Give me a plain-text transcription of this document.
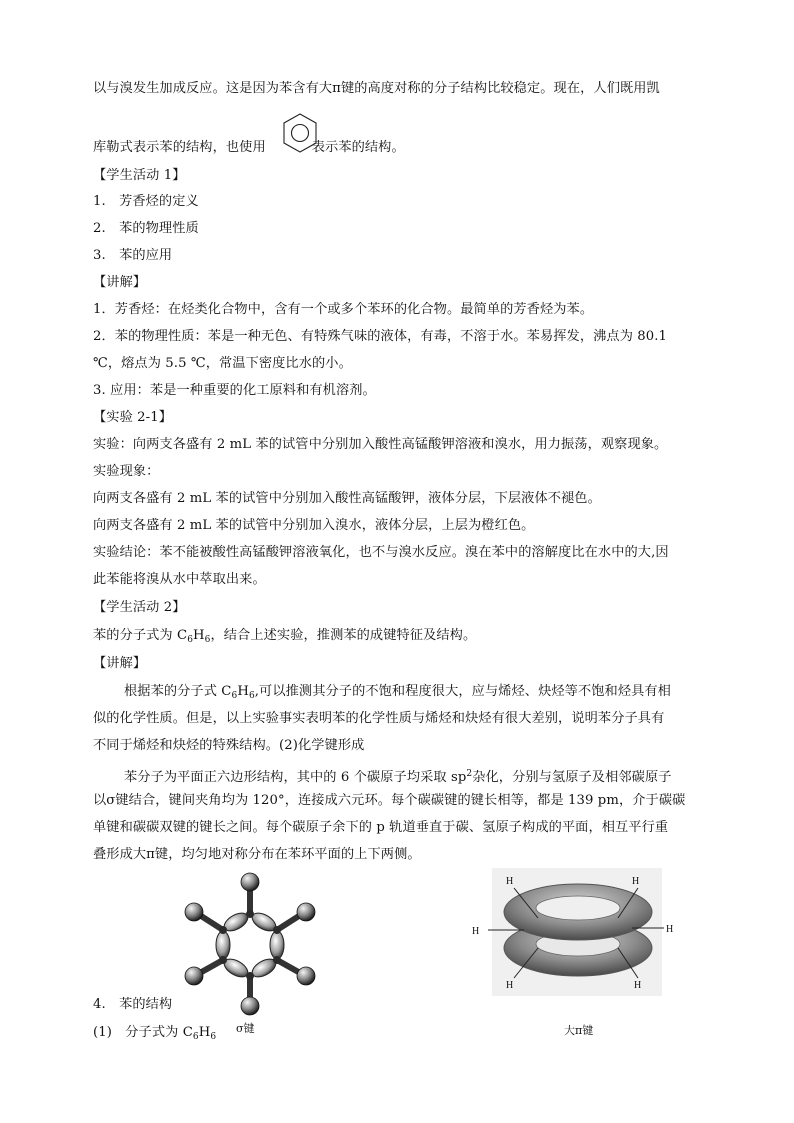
以与溴发生加成反应。这是因为苯含有大π键的高度对称的分子结构比较稳定。现在，人们既用凯
库勒式表示苯的结构，也使用	表示苯的结构。
【学生活动 1】
1.　芳香烃的定义
2.　苯的物理性质
3.　苯的应用
【讲解】
1．芳香烃：在烃类化合物中，含有一个或多个苯环的化合物。最简单的芳香烃为苯。
2．苯的物理性质：苯是一种无色、有特殊气味的液体，有毒，不溶于水。苯易挥发，沸点为 80.1
℃，熔点为 5.5 ℃，常温下密度比水的小。
3. 应用：苯是一种重要的化工原料和有机溶剂。
【实验 2-1】
实验：向两支各盛有 2 mL 苯的试管中分别加入酸性高锰酸钾溶液和溴水，用力振荡，观察现象。
实验现象：
向两支各盛有 2 mL 苯的试管中分别加入酸性高锰酸钾，液体分层，下层液体不褪色。
向两支各盛有 2 mL 苯的试管中分别加入溴水，液体分层，上层为橙红色。
实验结论：苯不能被酸性高锰酸钾溶液氧化，也不与溴水反应。溴在苯中的溶解度比在水中的大,因
此苯能将溴从水中萃取出来。
【学生活动 2】
苯的分子式为 $C_6H_6$，结合上述实验，推测苯的成键特征及结构。
【讲解】
根据苯的分子式 $C_6H_6$,可以推测其分子的不饱和程度很大，应与烯烃、炔烃等不饱和烃具有相
似的化学性质。但是，以上实验事实表明苯的化学性质与烯烃和炔烃有很大差别，说明苯分子具有
不同于烯烃和炔烃的特殊结构。(2)化学键形成
苯分子为平面正六边形结构，其中的 6 个碳原子均采取 $sp^2$杂化，分别与氢原子及相邻碳原子
以σ键结合，键间夹角均为 120°，连接成六元环。每个碳碳键的键长相等，都是 139 pm，介于碳碳
单键和碳碳双键的键长之间。每个碳原子余下的 p 轨道垂直于碳、氢原子构成的平面，相互平行重
叠形成大π键，均匀地对称分布在苯环平面的上下两侧。
H	H
H	H
H	H
4.　苯的结构
(1)　分子式为 $C_6H_6$
σ键	大π键
